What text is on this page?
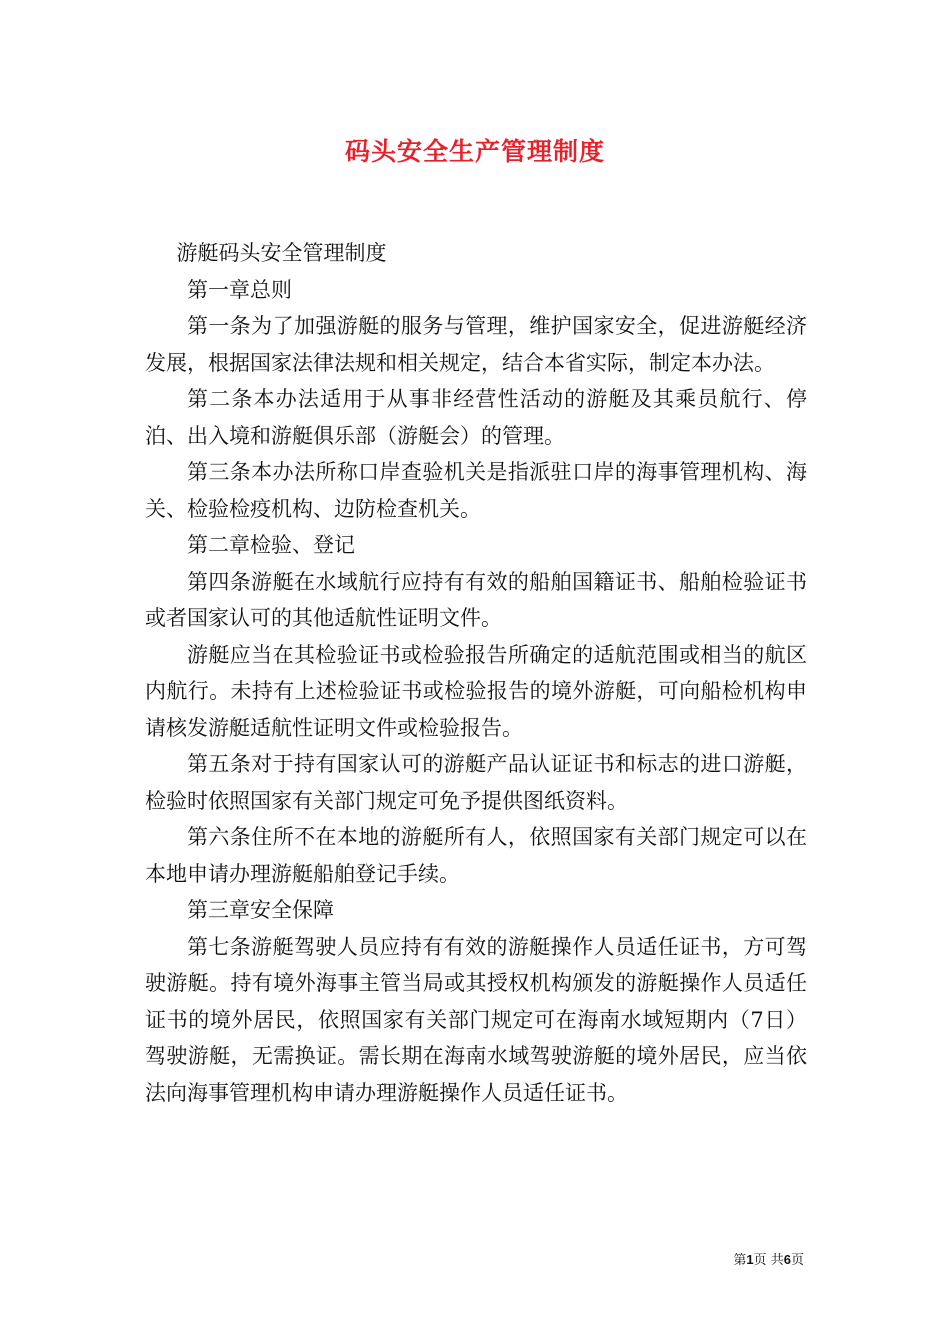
码头安全生产管理制度

游艇码头安全管理制度

第一章总则

第一条为了加强游艇的服务与管理，维护国家安全，促进游艇经济发展，根据国家法律法规和相关规定，结合本省实际，制定本办法。

第二条本办法适用于从事非经营性活动的游艇及其乘员航行、停泊、出入境和游艇俱乐部（游艇会）的管理。

第三条本办法所称口岸查验机关是指派驻口岸的海事管理机构、海关、检验检疫机构、边防检查机关。

第二章检验、登记

第四条游艇在水域航行应持有有效的船舶国籍证书、船舶检验证书或者国家认可的其他适航性证明文件。

游艇应当在其检验证书或检验报告所确定的适航范围或相当的航区内航行。未持有上述检验证书或检验报告的境外游艇，可向船检机构申请核发游艇适航性证明文件或检验报告。

第五条对于持有国家认可的游艇产品认证证书和标志的进口游艇，检验时依照国家有关部门规定可免予提供图纸资料。

第六条住所不在本地的游艇所有人，依照国家有关部门规定可以在本地申请办理游艇船舶登记手续。

第三章安全保障

第七条游艇驾驶人员应持有有效的游艇操作人员适任证书，方可驾驶游艇。持有境外海事主管当局或其授权机构颁发的游艇操作人员适任证书的境外居民，依照国家有关部门规定可在海南水域短期内（7日）驾驶游艇，无需换证。需长期在海南水域驾驶游艇的境外居民，应当依法向海事管理机构申请办理游艇操作人员适任证书。

第1页 共6页
